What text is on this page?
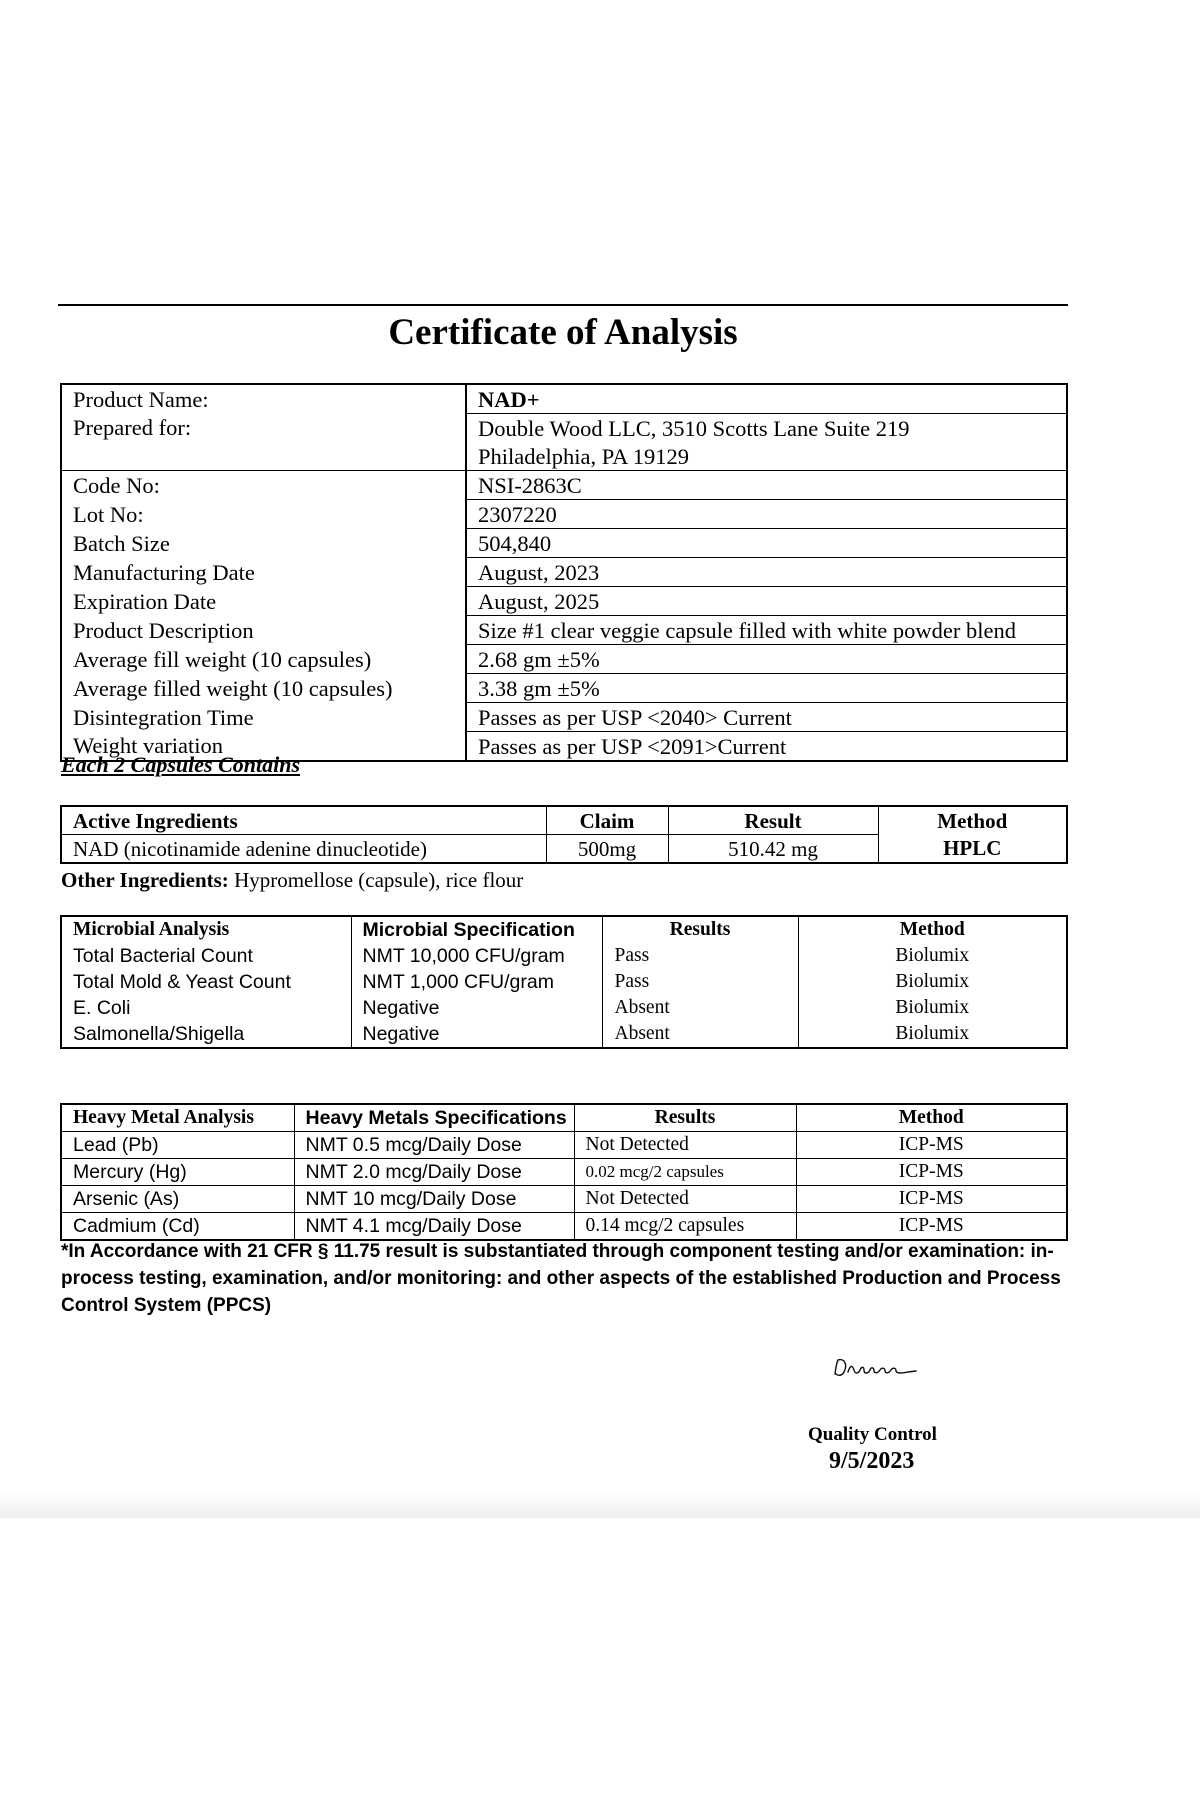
Certificate of Analysis
Product Name:	NAD+
Prepared for:	Double Wood LLC, 3510 Scotts Lane Suite 219
	Philadelphia, PA 19129
Code No:	NSI-2863C
Lot No:	2307220
Batch Size	504,840
Manufacturing Date	August, 2023
Expiration Date	August, 2025
Product Description	Size #1 clear veggie capsule filled with white powder blend
Average fill weight (10 capsules)	2.68 gm ±5%
Average filled weight (10 capsules)	3.38 gm ±5%
Disintegration Time	Passes as per USP <2040> Current
Weight variation	Passes as per USP <2091>Current
Each 2 Capsules Contains
Active Ingredients	Claim	Result	Method
NAD (nicotinamide adenine dinucleotide)	500mg	510.42 mg	HPLC
Other Ingredients: Hypromellose (capsule), rice flour
Microbial Analysis	Microbial Specification	Results	Method
Total Bacterial Count	NMT 10,000 CFU/gram	Pass	Biolumix
Total Mold & Yeast Count	NMT 1,000 CFU/gram	Pass	Biolumix
E. Coli	Negative	Absent	Biolumix
Salmonella/Shigella	Negative	Absent	Biolumix
Heavy Metal Analysis	Heavy Metals Specifications	Results	Method
Lead (Pb)	NMT 0.5 mcg/Daily Dose	Not Detected	ICP-MS
Mercury (Hg)	NMT 2.0 mcg/Daily Dose	0.02 mcg/2 capsules	ICP-MS
Arsenic (As)	NMT 10 mcg/Daily Dose	Not Detected	ICP-MS
Cadmium (Cd)	NMT 4.1 mcg/Daily Dose	0.14 mcg/2 capsules	ICP-MS
*In Accordance with 21 CFR § 11.75 result is substantiated through component testing and/or examination: in-process testing, examination, and/or monitoring: and other aspects of the established Production and Process Control System (PPCS)
Quality Control
9/5/2023
